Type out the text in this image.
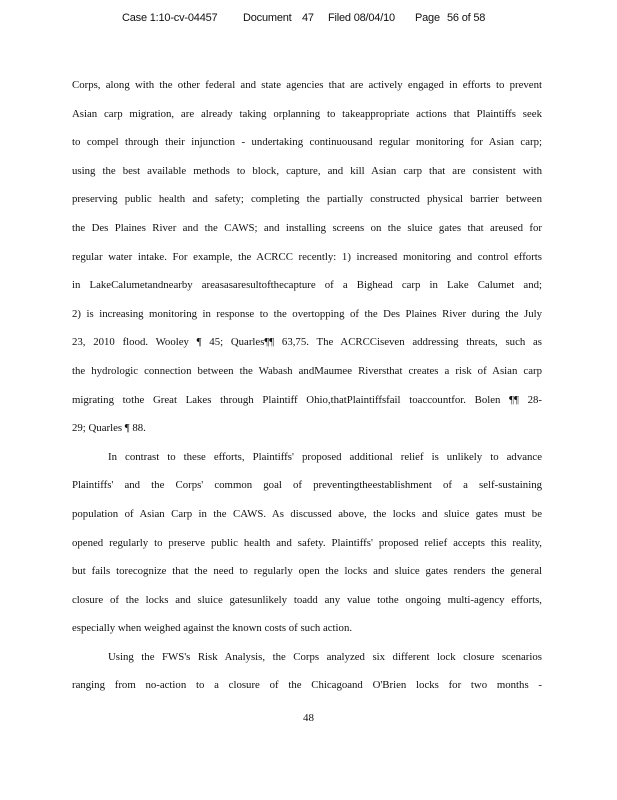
Case 1:10-cv-04457 Document 47 Filed 08/04/10 Page 56 of 58
Corps, along with the other federal and state agencies that are actively engaged in efforts to prevent
Asian carp migration, are already taking orplanning to takeappropriate actions that Plaintiffs seek
to compel through their injunction - undertaking continuousand regular monitoring for Asian carp;
using the best available methods to block, capture, and kill Asian carp that are consistent with
preserving public health and safety; completing the partially constructed physical barrier between
the Des Plaines River and the CAWS; and installing screens on the sluice gates that areused for
regular water intake. For example, the ACRCC recently: 1) increased monitoring and control efforts
in LakeCalumetandnearby areasasaresultofthecapture of a Bighead carp in Lake Calumet and;
2) is increasing monitoring in response to the overtopping of the Des Plaines River during the July
23, 2010 flood. Wooley ¶ 45; Quarles¶¶ 63,75. The ACRCCiseven addressing threats, such as
the hydrologic connection between the Wabash andMaumee Riversthat creates a risk of Asian carp
migrating tothe Great Lakes through Plaintiff Ohio,thatPlaintiffsfail toaccountfor. Bolen ¶¶ 28-
29; Quarles ¶ 88.
In contrast to these efforts, Plaintiffs' proposed additional relief is unlikely to advance
Plaintiffs' and the Corps' common goal of preventingtheestablishment of a self-sustaining
population of Asian Carp in the CAWS. As discussed above, the locks and sluice gates must be
opened regularly to preserve public health and safety. Plaintiffs' proposed relief accepts this reality,
but fails torecognize that the need to regularly open the locks and sluice gates renders the general
closure of the locks and sluice gatesunlikely toadd any value tothe ongoing multi-agency efforts,
especially when weighed against the known costs of such action.
Using the FWS's Risk Analysis, the Corps analyzed six different lock closure scenarios
ranging from no-action to a closure of the Chicagoand O'Brien locks for two months -
48
